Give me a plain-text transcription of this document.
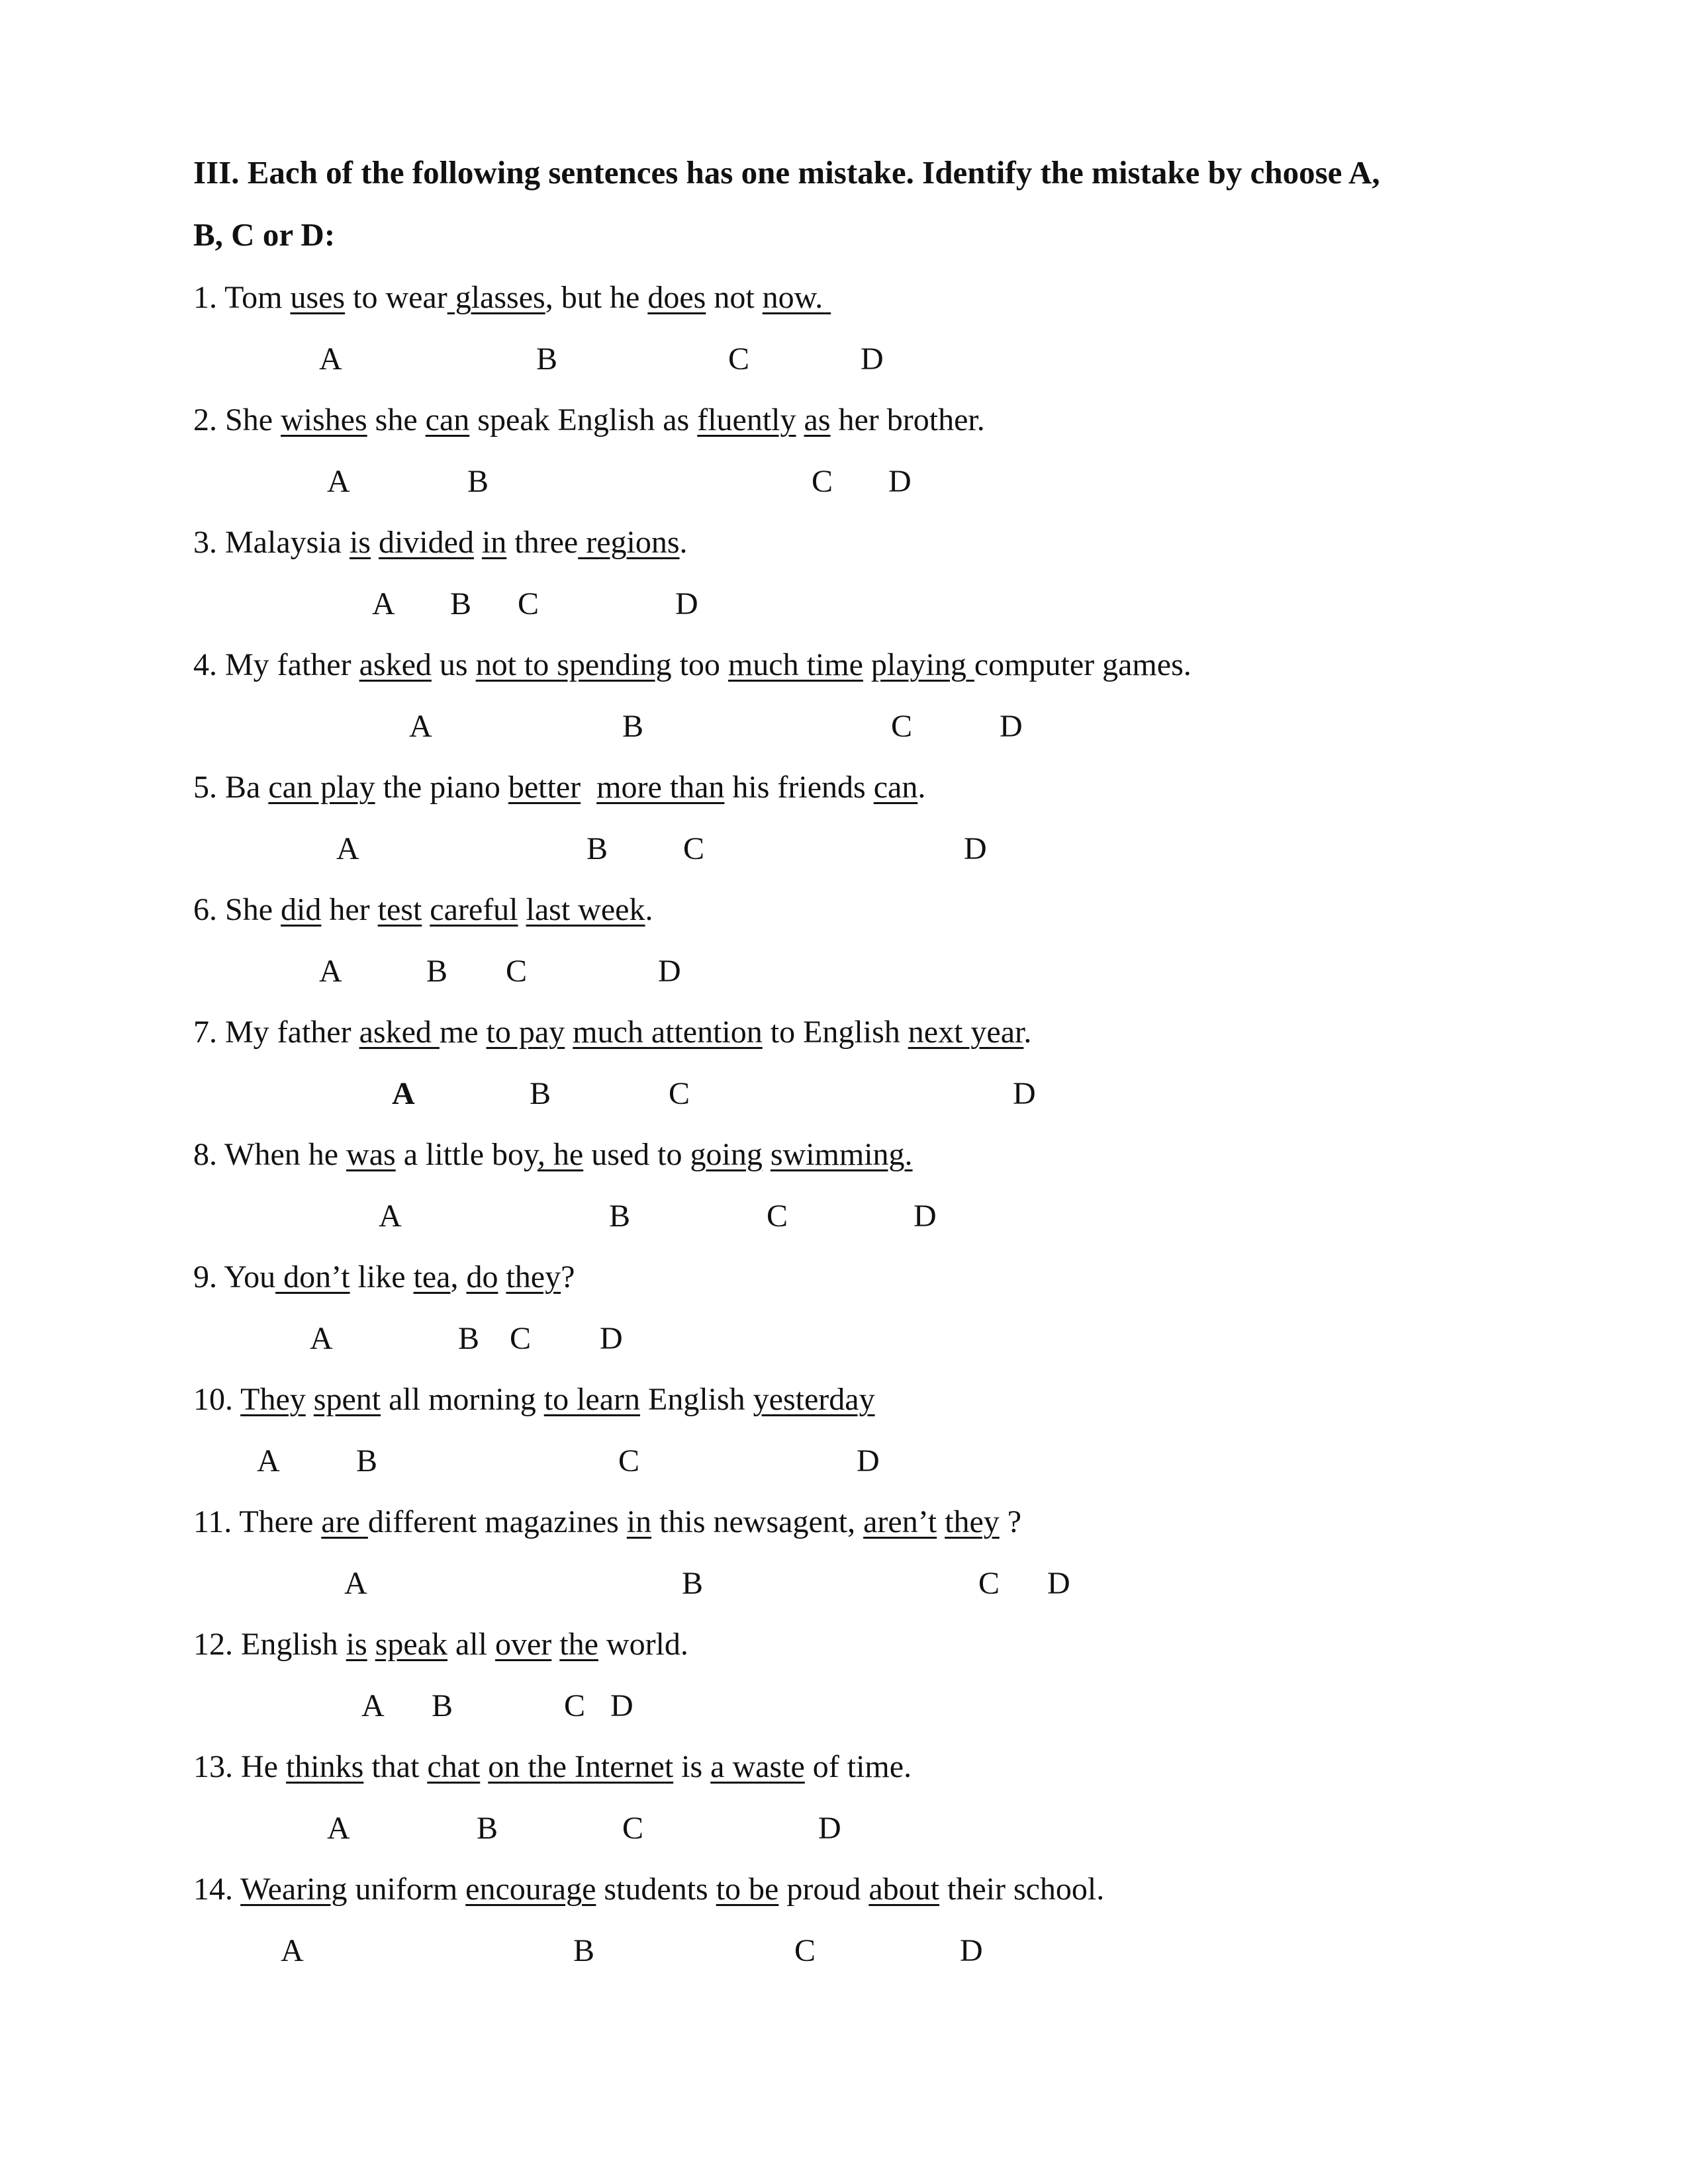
III. Each of the following sentences has one mistake. Identify the mistake by choose A,
B, C or D:
1. Tom uses to wear glasses, but he does not now.
A	B	C	D
2. She wishes she can speak English as fluently as her brother.
A	B	C D
3. Malaysia is divided in three regions.
A B C	D
4. My father asked us not to spending too much time playing computer games.
A	B	C	D
5. Ba can play the piano better more than his friends can.
A	B C	D
6. She did her test careful last week.
A	B C	D
7. My father asked me to pay much attention to English next year.
A	B	C	D
8. When he was a little boy, he used to going swimming.
A	B	C	D
9. You don’t like tea, do they?
A	B C D
10. They spent all morning to learn English yesterday
A B	C	D
11. There are different magazines in this newsagent, aren’t they ?
A	B	C D
12. English is speak all over the world.
A B	C D
13. He thinks that chat on the Internet is a waste of time.
A	B	C	D
14. Wearing uniform encourage students to be proud about their school.
A	B	C	D
